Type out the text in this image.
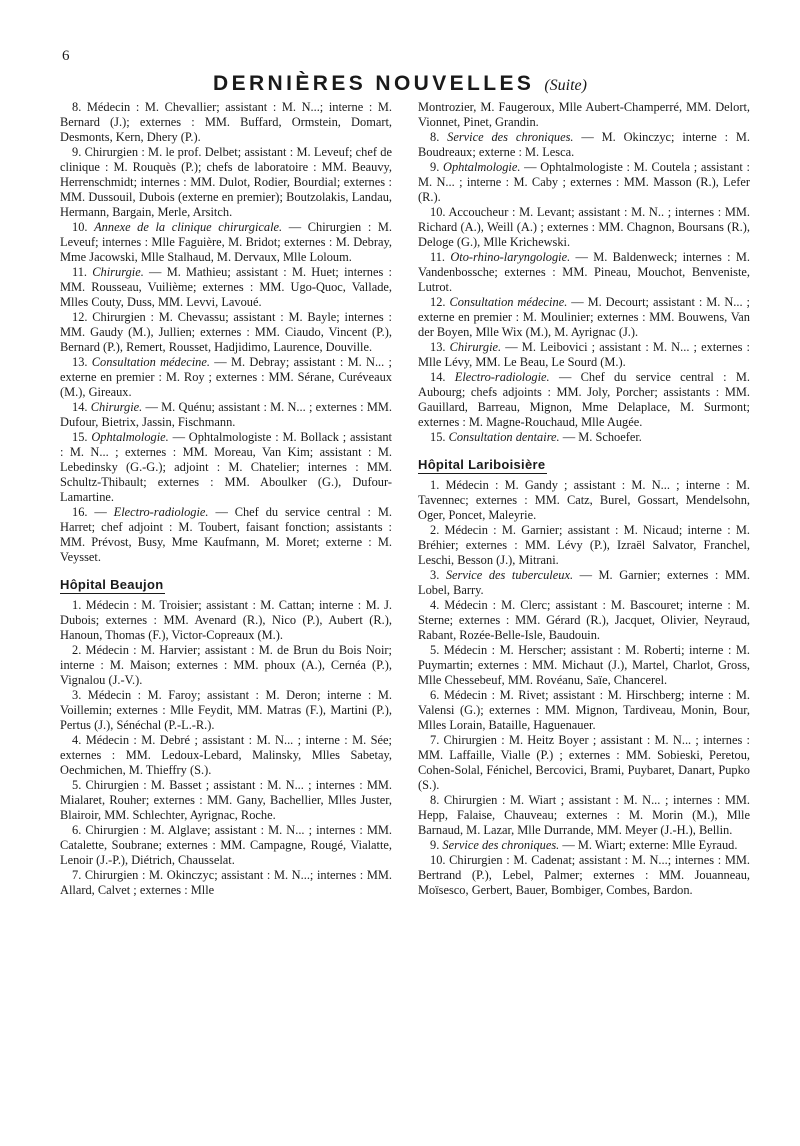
6
DERNIÈRES NOUVELLES (Suite)

8. Médecin : M. Chevallier; assistant : M. N...; interne : M. Bernard (J.); externes : MM. Buffard, Ormstein, Domart, Desmonts, Kern, Dhery (P.).

9. Chirurgien : M. le prof. Delbet; assistant : M. Leveuf; chef de clinique : M. Rouquès (P.); chefs de laboratoire : MM. Beauvy, Herrenschmidt; internes : MM. Dulot, Rodier, Bourdial; externes : MM. Dussouil, Dubois (externe en premier); Boutzolakis, Landau, Hermann, Bargain, Merle, Arsitch.

10. Annexe de la clinique chirurgicale. — Chirurgien : M. Leveuf; internes : Mlle Faguière, M. Bridot; externes : M. Debray, Mme Jacowski, Mlle Stalhaud, M. Dervaux, Mlle Loloum.

11. Chirurgie. — M. Mathieu; assistant : M. Huet; internes : MM. Rousseau, Vuilième; externes : MM. Ugo-Quoc, Vallade, Mlles Couty, Duss, MM. Levvi, Lavoué.

12. Chirurgien : M. Chevassu; assistant : M. Bayle; internes : MM. Gaudy (M.), Jullien; externes : MM. Ciaudo, Vincent (P.), Bernard (P.), Remert, Rousset, Hadjidimo, Laurence, Douville.

13. Consultation médecine. — M. Debray; assistant : M. N... ; externe en premier : M. Roy ; externes : MM. Sérane, Curéveaux (M.), Gireaux.

14. Chirurgie. — M. Quénu; assistant : M. N... ; externes : MM. Dufour, Bietrix, Jassin, Fischmann.

15. Ophtalmologie. — Ophtalmologiste : M. Bollack ; assistant : M. N... ; externes : MM. Moreau, Van Kim; assistant : M. Lebedinsky (G.-G.); adjoint : M. Chatelier; internes : MM. Schultz-Thibault; externes : MM. Aboulker (G.), Dufour-Lamartine.

16. — Electro-radiologie. — Chef du service central : M. Harret; chef adjoint : M. Toubert, faisant fonction; assistants : MM. Prévost, Busy, Mme Kaufmann, M. Moret; externe : M. Veysset.

Hôpital Beaujon

1. Médecin : M. Troisier; assistant : M. Cattan; interne : M. J. Dubois; externes : MM. Avenard (R.), Nico (P.), Aubert (R.), Hanoun, Thomas (F.), Victor-Copreaux (M.).

2. Médecin : M. Harvier; assistant : M. de Brun du Bois Noir; interne : M. Maison; externes : MM. phoux (A.), Cernéa (P.), Vignalou (J.-V.).

3. Médecin : M. Faroy; assistant : M. Deron; interne : M. Voillemin; externes : Mlle Feydit, MM. Matras (F.), Martini (P.), Pertus (J.), Sénéchal (P.-L.-R.).

4. Médecin : M. Debré ; assistant : M. N... ; interne : M. Sée; externes : MM. Ledoux-Lebard, Malinsky, Mlles Sabetay, Oechmichen, M. Thieffry (S.).

5. Chirurgien : M. Basset ; assistant : M. N... ; internes : MM. Mialaret, Rouher; externes : MM. Gany, Bachellier, Mlles Juster, Blairoir, MM. Schlechter, Ayrignac, Roche.

6. Chirurgien : M. Alglave; assistant : M. N... ; internes : MM. Catalette, Soubrane; externes : MM. Campagne, Rougé, Vialatte, Lenoir (J.-P.), Diétrich, Chausselat.

7. Chirurgien : M. Okinczyc; assistant : M. N...; internes : MM. Allard, Calvet ; externes : Mlle

Montrozier, M. Faugeroux, Mlle Aubert-Champerré, MM. Delort, Vionnet, Pinet, Grandin.

8. Service des chroniques. — M. Okinczyc; interne : M. Boudreaux; externe : M. Lesca.

9. Ophtalmologie. — Ophtalmologiste : M. Coutela ; assistant : M. N... ; interne : M. Caby ; externes : MM. Masson (R.), Lefer (R.).

10. Accoucheur : M. Levant; assistant : M. N.. ; internes : MM. Richard (A.), Weill (A.) ; externes : MM. Chagnon, Boursans (R.), Deloge (G.), Mlle Krichewski.

11. Oto-rhino-laryngologie. — M. Baldenweck; internes : M. Vandenbossche; externes : MM. Pineau, Mouchot, Benveniste, Lutrot.

12. Consultation médecine. — M. Decourt; assistant : M. N... ; externe en premier : M. Moulinier; externes : MM. Bouwens, Van der Boyen, Mlle Wix (M.), M. Ayrignac (J.).

13. Chirurgie. — M. Leibovici ; assistant : M. N... ; externes : Mlle Lévy, MM. Le Beau, Le Sourd (M.).

14. Electro-radiologie. — Chef du service central : M. Aubourg; chefs adjoints : MM. Joly, Porcher; assistants : MM. Gauillard, Barreau, Mignon, Mme Delaplace, M. Surmont; externes : M. Magne-Rouchaud, Mlle Augée.

15. Consultation dentaire. — M. Schoefer.

Hôpital Lariboisière

1. Médecin : M. Gandy ; assistant : M. N... ; interne : M. Tavennec; externes : MM. Catz, Burel, Gossart, Mendelsohn, Oger, Poncet, Maleyrie.

2. Médecin : M. Garnier; assistant : M. Nicaud; interne : M. Bréhier; externes : MM. Lévy (P.), Izraël Salvator, Franchel, Leschi, Besson (J.), Mitrani.

3. Service des tuberculeux. — M. Garnier; externes : MM. Lobel, Barry.

4. Médecin : M. Clerc; assistant : M. Bascouret; interne : M. Sterne; externes : MM. Gérard (R.), Jacquet, Olivier, Neyraud, Rabant, Rozée-Belle-Isle, Baudouin.

5. Médecin : M. Herscher; assistant : M. Roberti; interne : M. Puymartin; externes : MM. Michaut (J.), Martel, Charlot, Gross, Mlle Chessebeuf, MM. Rovéanu, Saïe, Chancerel.

6. Médecin : M. Rivet; assistant : M. Hirschberg; interne : M. Valensi (G.); externes : MM. Mignon, Tardiveau, Monin, Bour, Mlles Lorain, Bataille, Haguenauer.

7. Chirurgien : M. Heitz Boyer ; assistant : M. N... ; internes : MM. Laffaille, Vialle (P.) ; externes : MM. Sobieski, Peretou, Cohen-Solal, Fénichel, Bercovici, Brami, Puybaret, Danart, Pupko (S.).

8. Chirurgien : M. Wiart ; assistant : M. N... ; internes : MM. Hepp, Falaise, Chauveau; externes : M. Morin (M.), Mlle Barnaud, M. Lazar, Mlle Durrande, MM. Meyer (J.-H.), Bellin.

9. Service des chroniques. — M. Wiart; externe: Mlle Eyraud.

10. Chirurgien : M. Cadenat; assistant : M. N...; internes : MM. Bertrand (P.), Lebel, Palmer; externes : MM. Jouanneau, Moïsesco, Gerbert, Bauer, Bombiger, Combes, Bardon.
